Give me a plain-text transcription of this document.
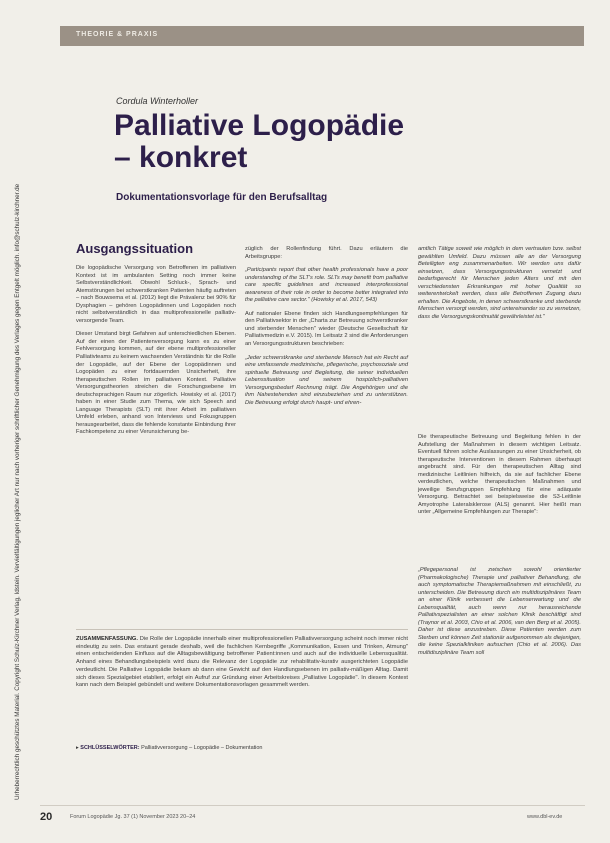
THEORIE & PRAXIS
Urheberrechtlich geschütztes Material. Copyright Schulz-Kirchner Verlag, Idstein. Vervielfältigungen jeglicher Art nur nach vorheriger schriftlicher Genehmigung des Verlages gegen Entgelt möglich. info@schulz-kirchner.de
Cordula Winterholler
Palliative Logopädie
– konkret
Dokumentationsvorlage für den Berufsalltag
Ausgangssituation

Die logopädische Versorgung von Betroffenen im palliativen Kontext ist im ambulanten Setting noch immer keine Selbstverständlichkeit. Obwohl Schluck-, Sprach- und Atemstörungen bei schwerstkranken Patienten häufig auftreten – nach Bouwsema et al. (2012) liegt die Prävalenz bei 90% für Dysphagien – gehören Logopädinnen und Logopäden noch nicht selbstverständlich in das multiprofessionelle palliativ-versorgende Team.

Dieser Umstand birgt Gefahren auf unterschiedlichen Ebenen. Auf der einen der Patientenversorgung kann es zu einer Fehlversorgung kommen, auf der ebene multiprofessioneller Palliativteams zu keinem wachsenden Verständnis für die Rolle der Logopädie, auf der Ebene der Logopädinnen und Logopäden zu einer fortdauernden Unsicherheit, ihre therapeutischen Rollen im palliativen Kontext. Palliative Versorgungstheorien streichen die Forschungsebene im deutschsprachigen Raum nur zögerlich. Howisky et al. (2017) haben in einer Studie zum Thema, wie sich Speech and Language Therapists (SLT) mit ihrer Arbeit im palliativen Umfeld erleben, anhand von Interviews und Fokusgruppen herausgearbeitet, dass die fehlende konstante Einbindung ihrer Fachkompetenz zu einer Verunsicherung be-

züglich der Rollenfindung führt. Dazu erläutern die Arbeitsgruppe:

„Participants report that other health professionals have a poor understanding of the SLT's role. SLTs may benefit from palliative care specific guidelines and increased interprofessional awareness of their role in order to become better integrated into the palliative care sector." (Howisky et al. 2017, 543)

Auf nationaler Ebene finden sich Handlungsempfehlungen für den Palliativsektor in der „Charta zur Betreuung schwerstkranker und sterbender Menschen" wieder (Deutsche Gesellschaft für Palliativmedizin e.V. 2015). Im Leitsatz 2 sind die Anforderungen an Versorgungsstrukturen beschrieben:

„Jeder schwerstkranke und sterbende Mensch hat ein Recht auf eine umfassende medizinische, pflegerische, psychosoziale und spirituelle Betreuung und Begleitung, die seiner individuellen Lebenssituation und seinem hospizlich-palliativen Versorgungsbedarf Rechnung trägt. Die Angehörigen und die ihm Nahestehenden sind einzubeziehen und zu unterstützen. Die Betreuung erfolgt durch haupt- und ehren-

amtlich Tätige soweit wie möglich in dem vertrauten bzw. selbst gewählten Umfeld. Dazu müssen alle an der Versorgung Beteiligten eng zusammenarbeiten. Wir werden uns dafür einsetzen, dass Versorgungsstrukturen vernetzt und bedarfsgerecht für Menschen jeden Alters und mit den verschiedensten Erkrankungen mit hoher Qualität so weiterentwickelt werden, dass alle Betroffenen Zugang dazu erhalten. Die Angebote, in denen schwerstkranke und sterbende Menschen versorgt werden, sind untereinander so zu vernetzen, dass die Versorgungskontinuität gewährleistet ist."

Die therapeutische Betreuung und Begleitung fehlen in der Aufstellung der Maßnahmen in diesem wichtigen Leitsatz. Eventuell führen solche Auslassungen zu einer Unsicherheit, ob therapeutische Interventionen in diesem Rahmen überhaupt angebracht sind. Für den therapeutischen Alltag sind medizinische Leitlinien hilfreich, da sie auf fachlicher Ebene verdeutlichen, welche therapeutischen Maßnahmen und jeweilige Berufsgruppen Empfehlung für eine adäquate Versorgung. Betrachtet sei beispielsweise die S3-Leitlinie Amyotrophe Lateralsklerose (ALS) genannt. Hier heißt man unter „Allgemeine Empfehlungen zur Therapie":

„Pflegepersonal ist zwischen sowohl orientierter (Pharmakologische) Therapie und palliativer Behandlung, die auch symptomatische Therapiemaßnahmen mit einschließt, zu unterscheiden. Die Betreuung durch ein multidisziplinäres Team an einer Klinik verbessert die Lebenserwartung und die Lebensqualität, auch wenn nur herausreichende Palliativspezialisten an einer solchen Klinik beschäftigt sind (Traynor et al. 2003, Chio et al. 2006, van den Berg et al. 2005). Daher ist diese anzustreben. Diese Patienten werden zum Sterben und können Zeit stationär aufgenommen als diejenigen, die keine Spezialkliniken aufsuchen (Chio et al. 2006). Das multidisziplinäre Team soll

ZUSAMMENFASSUNG. Die Rolle der Logopädie innerhalb einer multiprofessionellen Palliativversorgung scheint noch immer nicht eindeutig zu sein. Das erstaunt gerade deshalb, weil die fachlichen Kernbegriffe „Kommunikation, Essen und Trinken, Atmung" einen entscheidenden Einfluss auf die Alltagsbewältigung betroffener Patient:innen und auch auf die individuelle Lebensqualität. Anhand eines Behandlungsbeispiels wird dazu die Relevanz der Logopädie zur rehabilitativ-kurativ ausgerichteten Logopädie verdeutlicht. Die Palliative Logopädie bekam ab dann eine Gewicht auf den Handlungsebenen im palliativ-mäßigen Alltag. Damit sich dieses Spezialgebiet etabliert, erfolgt ein Aufruf zur Gründung einer Arbeitskreises „Palliative Logopädie". In diesem Kontext kann nach dem Beispiel gebündelt und weitere Dokumentationsvorlagen gesammelt werden.
▸ SCHLÜSSELWÖRTER: Palliativversorgung – Logopädie – Dokumentation
20	Forum Logopädie Jg. 37 (1) November 2023 20–24	www.dbl-ev.de
